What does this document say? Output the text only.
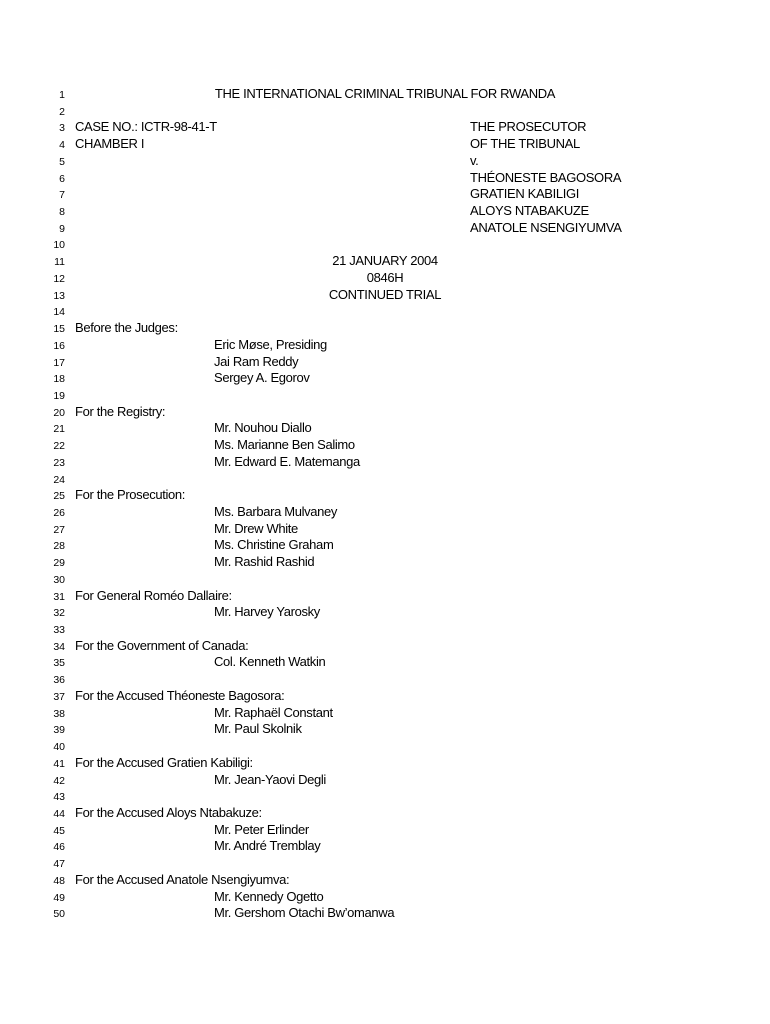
1	THE INTERNATIONAL CRIMINAL TRIBUNAL FOR RWANDA
2
3 CASE NO.: ICTR-98-41-T	THE PROSECUTOR
4 CHAMBER I	OF THE TRIBUNAL
5	v.
6	THÉONESTE BAGOSORA
7	GRATIEN KABILIGI
8	ALOYS NTABAKUZE
9	ANATOLE NSENGIYUMVA
10
11	21 JANUARY 2004
12	0846H
13	CONTINUED TRIAL
14
15 Before the Judges:
16	Eric Møse, Presiding
17	Jai Ram Reddy
18	Sergey A. Egorov
19
20 For the Registry:
21	Mr. Nouhou Diallo
22	Ms. Marianne Ben Salimo
23	Mr. Edward E. Matemanga
24
25 For the Prosecution:
26	Ms. Barbara Mulvaney
27	Mr. Drew White
28	Ms. Christine Graham
29	Mr. Rashid Rashid
30
31 For General Roméo Dallaire:
32	Mr. Harvey Yarosky
33
34 For the Government of Canada:
35	Col. Kenneth Watkin
36
37 For the Accused Théoneste Bagosora:
38	Mr. Raphaël Constant
39	Mr. Paul Skolnik
40
41 For the Accused Gratien Kabiligi:
42	Mr. Jean-Yaovi Degli
43
44 For the Accused Aloys Ntabakuze:
45	Mr. Peter Erlinder
46	Mr. André Tremblay
47
48 For the Accused Anatole Nsengiyumva:
49	Mr. Kennedy Ogetto
50	Mr. Gershom Otachi Bw’omanwa
